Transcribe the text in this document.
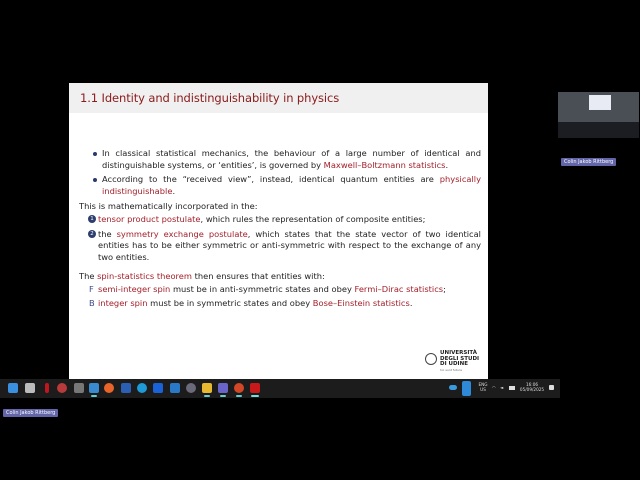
1.1 Identity and indistinguishability in physics
In classical statistical mechanics, the behaviour of a large number of identical and distinguishable systems, or ‘entities’, is governed by Maxwell–Boltzmann statistics.
According to the “received view”, instead, identical quantum entities are physically indistinguishable.
This is mathematically incorporated in the:
1 tensor product postulate, which rules the representation of composite entities;
2 the symmetry exchange postulate, which states that the state vector of two identical entities has to be either symmetric or anti-symmetric with respect to the exchange of any two entities.
The spin-statistics theorem then ensures that entities with:
F semi-integer spin must be in anti-symmetric states and obey Fermi–Dirac statistics;
B integer spin must be in symmetric states and obey Bose–Einstein statistics.
UNIVERSITÀ
DEGLI STUDI
DI UDINE
hic sunt futura
Colin Jakob Rittberg
ENG
US	◠ ◄
16:06
05/09/2025
Colin Jakob Rittberg
